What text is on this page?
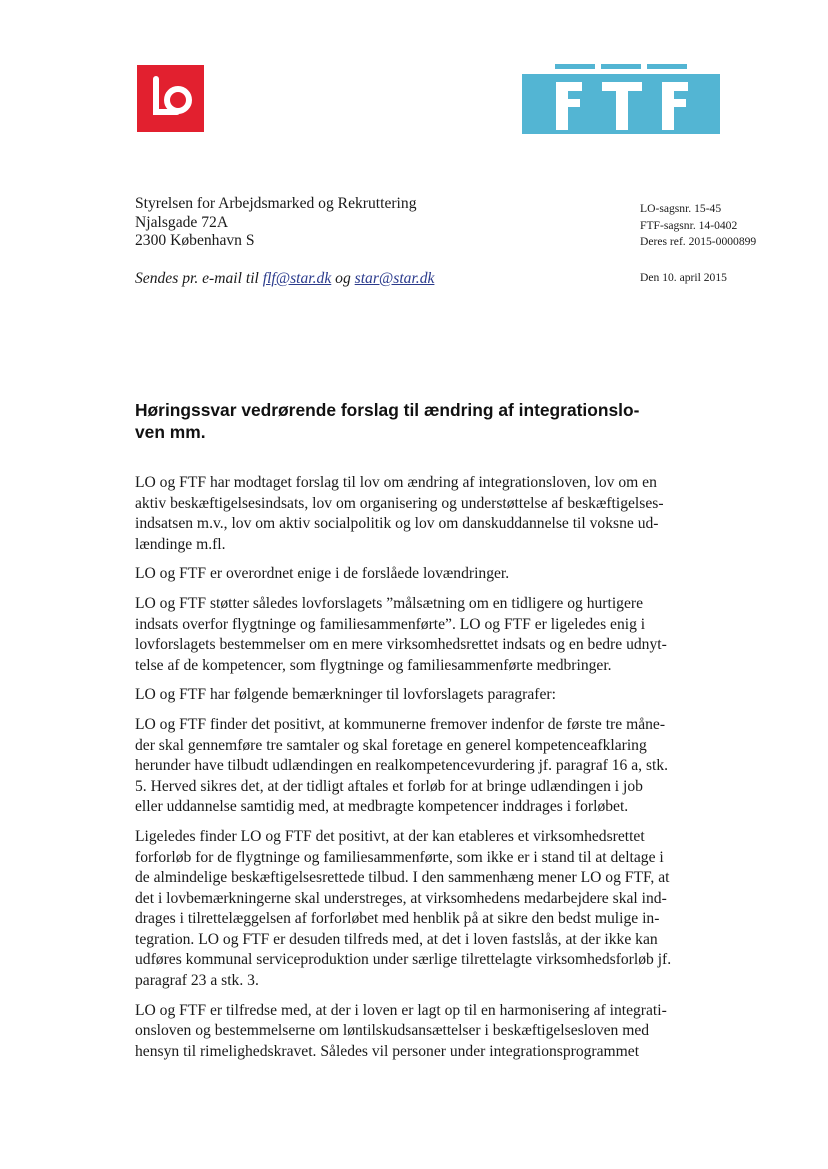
Styrelsen for Arbejdsmarked og Rekruttering
Njalsgade 72A
2300 København S
LO-sagsnr. 15-45
FTF-sagsnr. 14-0402
Deres ref. 2015-0000899
Sendes pr. e-mail til flf@star.dk og star@star.dk	Den 10. april 2015
Høringssvar vedrørende forslag til ændring af integrationslo-
ven mm.

LO og FTF har modtaget forslag til lov om ændring af integrationsloven, lov om en
aktiv beskæftigelsesindsats, lov om organisering og understøttelse af beskæftigelses-
indsatsen m.v., lov om aktiv socialpolitik og lov om danskuddannelse til voksne ud-
lændinge m.fl.

LO og FTF er overordnet enige i de forslåede lovændringer.

LO og FTF støtter således lovforslagets ”målsætning om en tidligere og hurtigere
indsats overfor flygtninge og familiesammenførte”. LO og FTF er ligeledes enig i
lovforslagets bestemmelser om en mere virksomhedsrettet indsats og en bedre udnyt-
telse af de kompetencer, som flygtninge og familiesammenførte medbringer.

LO og FTF har følgende bemærkninger til lovforslagets paragrafer:

LO og FTF finder det positivt, at kommunerne fremover indenfor de første tre måne-
der skal gennemføre tre samtaler og skal foretage en generel kompetenceafklaring
herunder have tilbudt udlændingen en realkompetencevurdering jf. paragraf 16 a, stk.
5. Herved sikres det, at der tidligt aftales et forløb for at bringe udlændingen i job
eller uddannelse samtidig med, at medbragte kompetencer inddrages i forløbet.

Ligeledes finder LO og FTF det positivt, at der kan etableres et virksomhedsrettet
forforløb for de flygtninge og familiesammenførte, som ikke er i stand til at deltage i
de almindelige beskæftigelsesrettede tilbud. I den sammenhæng mener LO og FTF, at
det i lovbemærkningerne skal understreges, at virksomhedens medarbejdere skal ind-
drages i tilrettelæggelsen af forforløbet med henblik på at sikre den bedst mulige in-
tegration. LO og FTF er desuden tilfreds med, at det i loven fastslås, at der ikke kan
udføres kommunal serviceproduktion under særlige tilrettelagte virksomhedsforløb jf.
paragraf 23 a stk. 3.

LO og FTF er tilfredse med, at der i loven er lagt op til en harmonisering af integrati-
onsloven og bestemmelserne om løntilskudsansættelser i beskæftigelsesloven med
hensyn til rimelighedskravet. Således vil personer under integrationsprogrammet
